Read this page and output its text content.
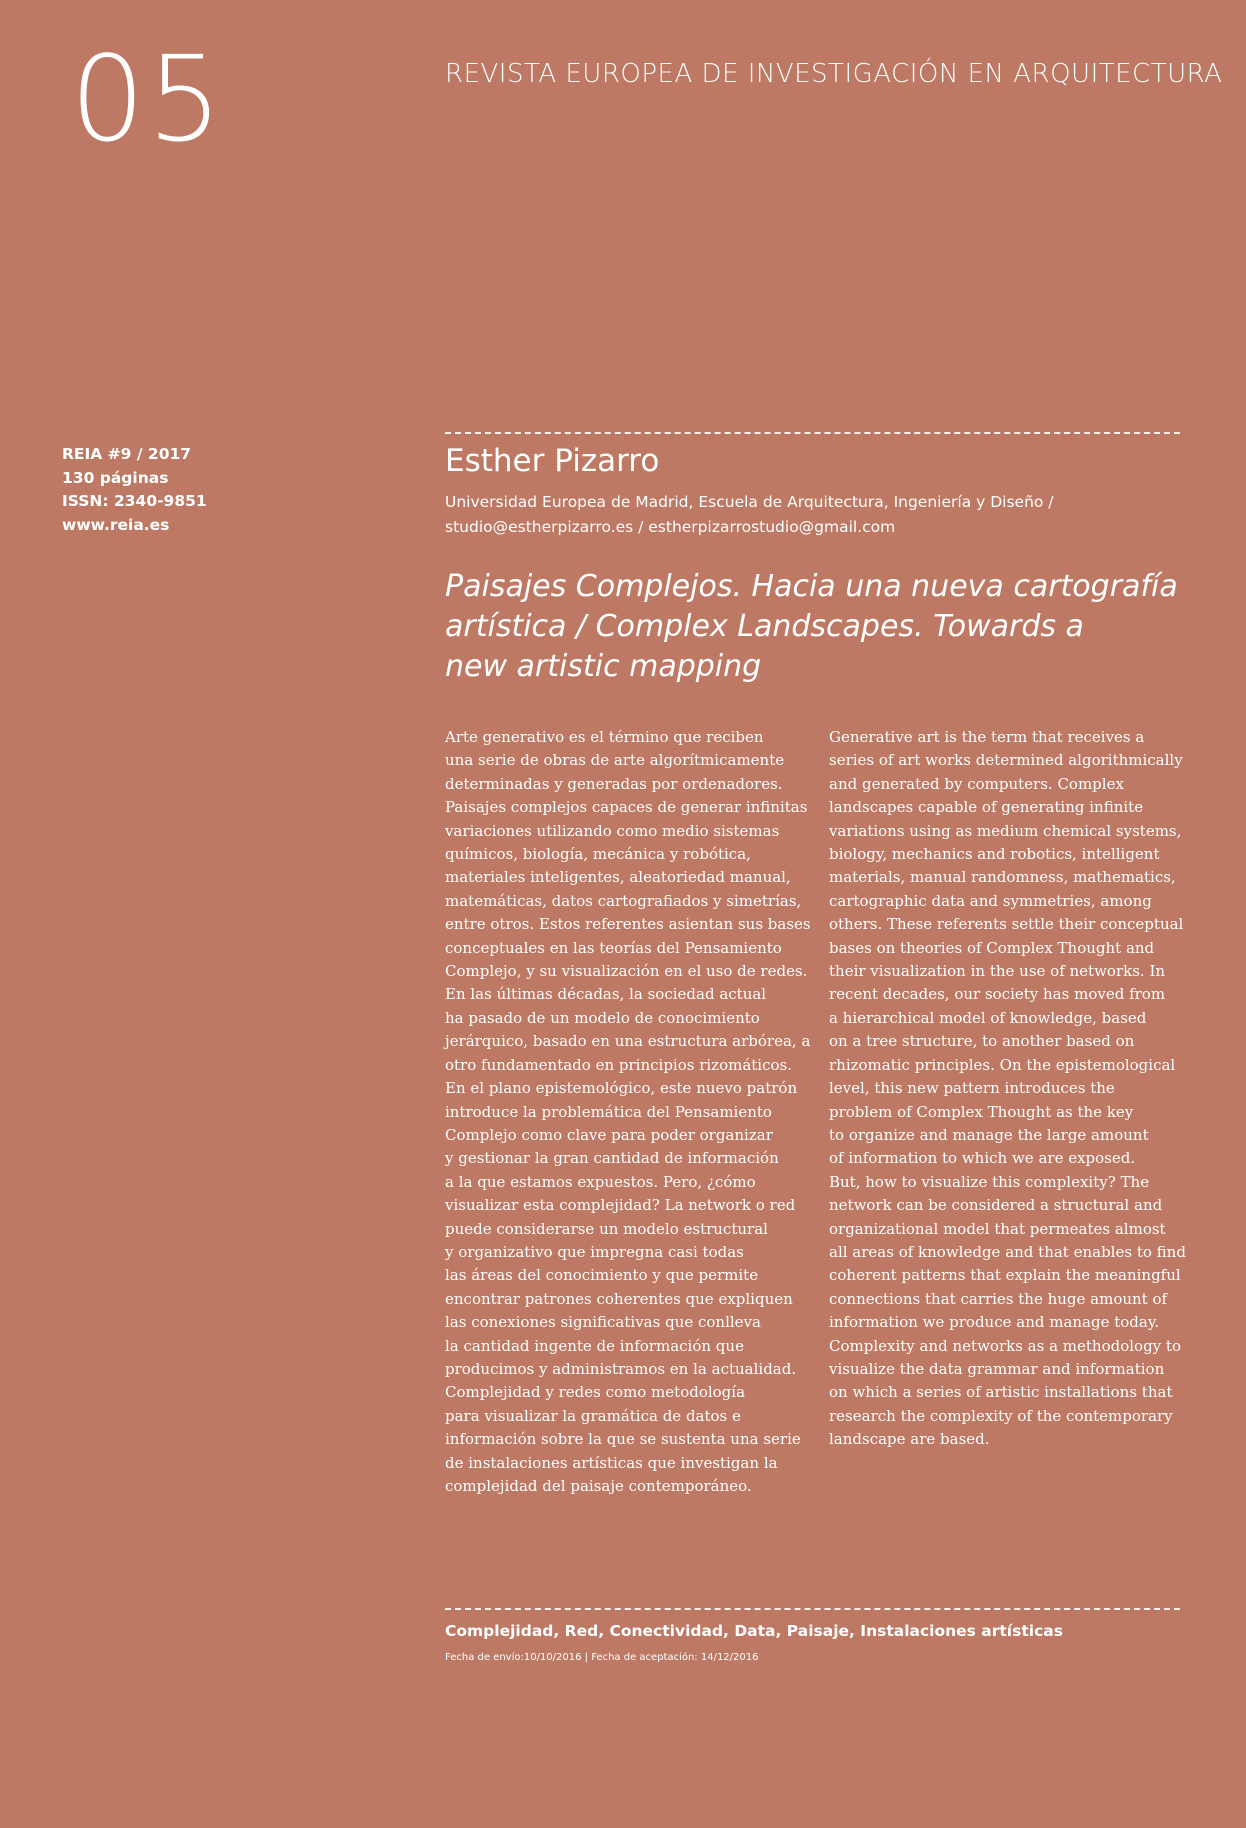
05	REVISTA EUROPEA DE INVESTIGACIÓN EN ARQUITECTURA
REIA #9 / 2017
130 páginas
ISSN: 2340-9851
www.reia.es
Esther Pizarro
Universidad Europea de Madrid, Escuela de Arquitectura, Ingeniería y Diseño /
studio@estherpizarro.es / estherpizarrostudio@gmail.com
Paisajes Complejos. Hacia una nueva cartografía
artística / Complex Landscapes. Towards a
new artistic mapping
Arte generativo es el término que reciben
una serie de obras de arte algorítmicamente
determinadas y generadas por ordenadores.
Paisajes complejos capaces de generar infinitas
variaciones utilizando como medio sistemas
químicos, biología, mecánica y robótica,
materiales inteligentes, aleatoriedad manual,
matemáticas, datos cartografiados y simetrías,
entre otros. Estos referentes asientan sus bases
conceptuales en las teorías del Pensamiento
Complejo, y su visualización en el uso de redes.
En las últimas décadas, la sociedad actual
ha pasado de un modelo de conocimiento
jerárquico, basado en una estructura arbórea, a
otro fundamentado en principios rizomáticos.
En el plano epistemológico, este nuevo patrón
introduce la problemática del Pensamiento
Complejo como clave para poder organizar
y gestionar la gran cantidad de información
a la que estamos expuestos. Pero, ¿cómo
visualizar esta complejidad? La network o red
puede considerarse un modelo estructural
y organizativo que impregna casi todas
las áreas del conocimiento y que permite
encontrar patrones coherentes que expliquen
las conexiones significativas que conlleva
la cantidad ingente de información que
producimos y administramos en la actualidad.
Complejidad y redes como metodología
para visualizar la gramática de datos e
información sobre la que se sustenta una serie
de instalaciones artísticas que investigan la
complejidad del paisaje contemporáneo.
Generative art is the term that receives a
series of art works determined algorithmically
and generated by computers. Complex
landscapes capable of generating infinite
variations using as medium chemical systems,
biology, mechanics and robotics, intelligent
materials, manual randomness, mathematics,
cartographic data and symmetries, among
others. These referents settle their conceptual
bases on theories of Complex Thought and
their visualization in the use of networks. In
recent decades, our society has moved from
a hierarchical model of knowledge, based
on a tree structure, to another based on
rhizomatic principles. On the epistemological
level, this new pattern introduces the
problem of Complex Thought as the key
to organize and manage the large amount
of information to which we are exposed.
But, how to visualize this complexity? The
network can be considered a structural and
organizational model that permeates almost
all areas of knowledge and that enables to find
coherent patterns that explain the meaningful
connections that carries the huge amount of
information we produce and manage today.
Complexity and networks as a methodology to
visualize the data grammar and information
on which a series of artistic installations that
research the complexity of the contemporary
landscape are based.
Complejidad, Red, Conectividad, Data, Paisaje, Instalaciones artísticas
Fecha de envío:10/10/2016 | Fecha de aceptación: 14/12/2016
